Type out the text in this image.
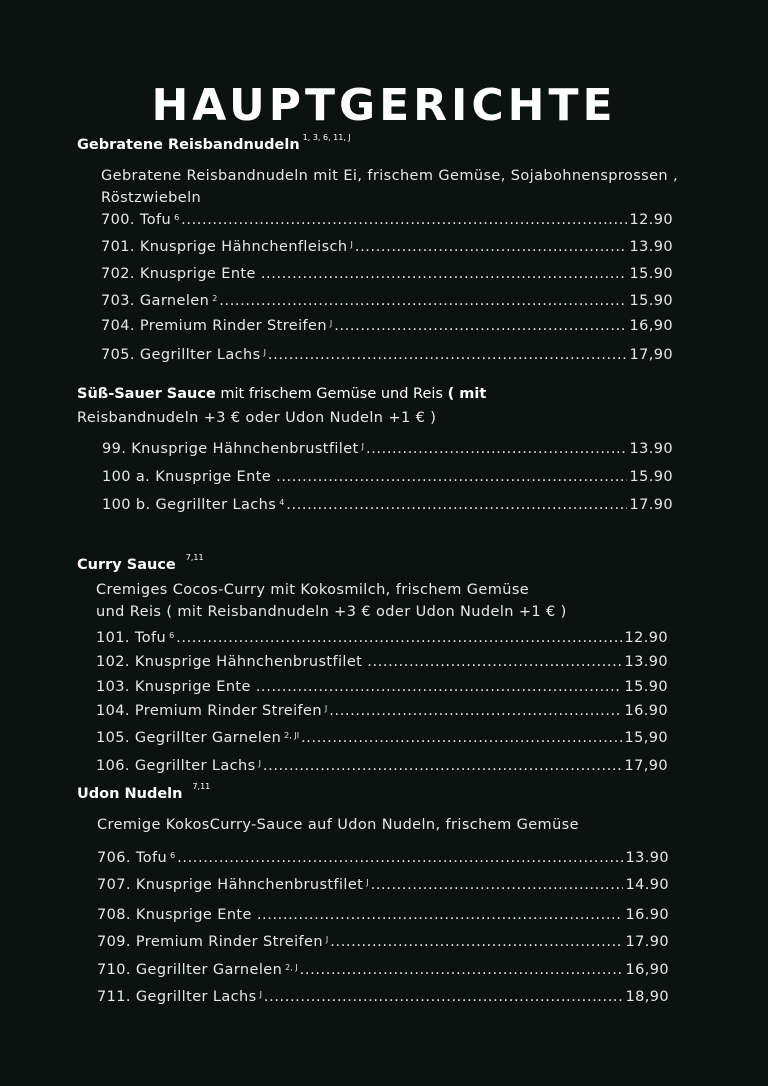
HAUPTGERICHTE
Gebratene Reisbandnudeln $^{1, 3, 6, 11, J}$
Gebratene Reisbandnudeln mit Ei, frischem Gemüse, Sojabohnensprossen ,
Röstzwiebeln
700. Tofu $^6$ .....	12.90
701. Knusprige Hähnchenfleisch $^J$ .....	13.90
702. Knusprige Ente .....	15.90
703. Garnelen $^2$ .....	15.90
704. Premium Rinder Streifen $^J$ .....	16,90
705. Gegrillter Lachs $^J$ .....	17,90
Süß-Sauer Sauce mit frischem Gemüse und Reis ( mit
Reisbandnudeln +3 € oder Udon Nudeln +1 € )
99. Knusprige Hähnchenbrustfilet $^J$ .....	13.90
100 a. Knusprige Ente .....	15.90
100 b. Gegrillter Lachs $^4$ .....	17.90
Curry Sauce $^{7,11}$
Cremiges Cocos-Curry mit Kokosmilch, frischem Gemüse
und Reis ( mit Reisbandnudeln +3 € oder Udon Nudeln +1 € )
101. Tofu $^6$ .....	12.90
102. Knusprige Hähnchenbrustfilet .....	13.90
103. Knusprige Ente .....	15.90
104. Premium Rinder Streifen $^J$ .....	16.90
105. Gegrillter Garnelen $^{2, JI}$ .....	15,90
106. Gegrillter Lachs $^J$ .....	17,90
Udon Nudeln $^{7,11}$
Cremige KokosCurry-Sauce auf Udon Nudeln, frischem Gemüse
706. Tofu $^6$ .....	13.90
707. Knusprige Hähnchenbrustfilet $^J$ .....	14.90
708. Knusprige Ente .....	16.90
709. Premium Rinder Streifen $^J$ .....	17.90
710. Gegrillter Garnelen $^{2, J}$ .....	16,90
711. Gegrillter Lachs $^J$ .....	18,90
